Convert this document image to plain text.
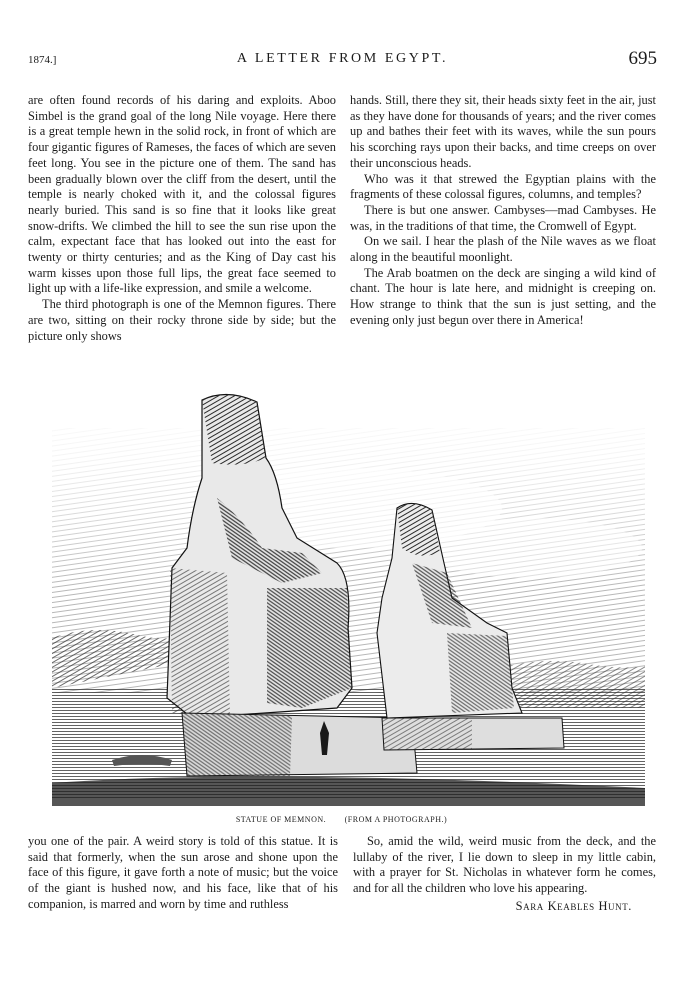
1874.]	A LETTER FROM EGYPT.	695

are often found records of his daring and exploits. Aboo Simbel is the grand goal of the long Nile voyage. Here there is a great temple hewn in the solid rock, in front of which are four gigantic figures of Rameses, the faces of which are seven feet long. You see in the picture one of them. The sand has been gradually blown over the cliff from the desert, until the temple is nearly choked with it, and the colossal figures nearly buried. This sand is so fine that it looks like great snow-drifts. We climbed the hill to see the sun rise upon the calm, expectant face that has looked out into the east for twenty or thirty centuries; and as the King of Day cast his warm kisses upon those full lips, the great face seemed to light up with a life-like expression, and smile a welcome.

The third photograph is one of the Memnon figures. There are two, sitting on their rocky throne side by side; but the picture only shows

hands. Still, there they sit, their heads sixty feet in the air, just as they have done for thousands of years; and the river comes up and bathes their feet with its waves, while the sun pours his scorching rays upon their backs, and time creeps on over their unconscious heads.

Who was it that strewed the Egyptian plains with the fragments of these colossal figures, columns, and temples?

There is but one answer. Cambyses—mad Cambyses. He was, in the traditions of that time, the Cromwell of Egypt.

On we sail. I hear the plash of the Nile waves as we float along in the beautiful moonlight.

The Arab boatmen on the deck are singing a wild kind of chant. The hour is late here, and midnight is creeping on. How strange to think that the sun is just setting, and the evening only just begun over there in America!

STATUE OF MEMNON. (FROM A PHOTOGRAPH.)

you one of the pair. A weird story is told of this statue. It is said that formerly, when the sun arose and shone upon the face of this figure, it gave forth a note of music; but the voice of the giant is hushed now, and his face, like that of his companion, is marred and worn by time and ruthless

So, amid the wild, weird music from the deck, and the lullaby of the river, I lie down to sleep in my little cabin, with a prayer for St. Nicholas in whatever form he comes, and for all the children who love his appearing.

Sara Keables Hunt.
